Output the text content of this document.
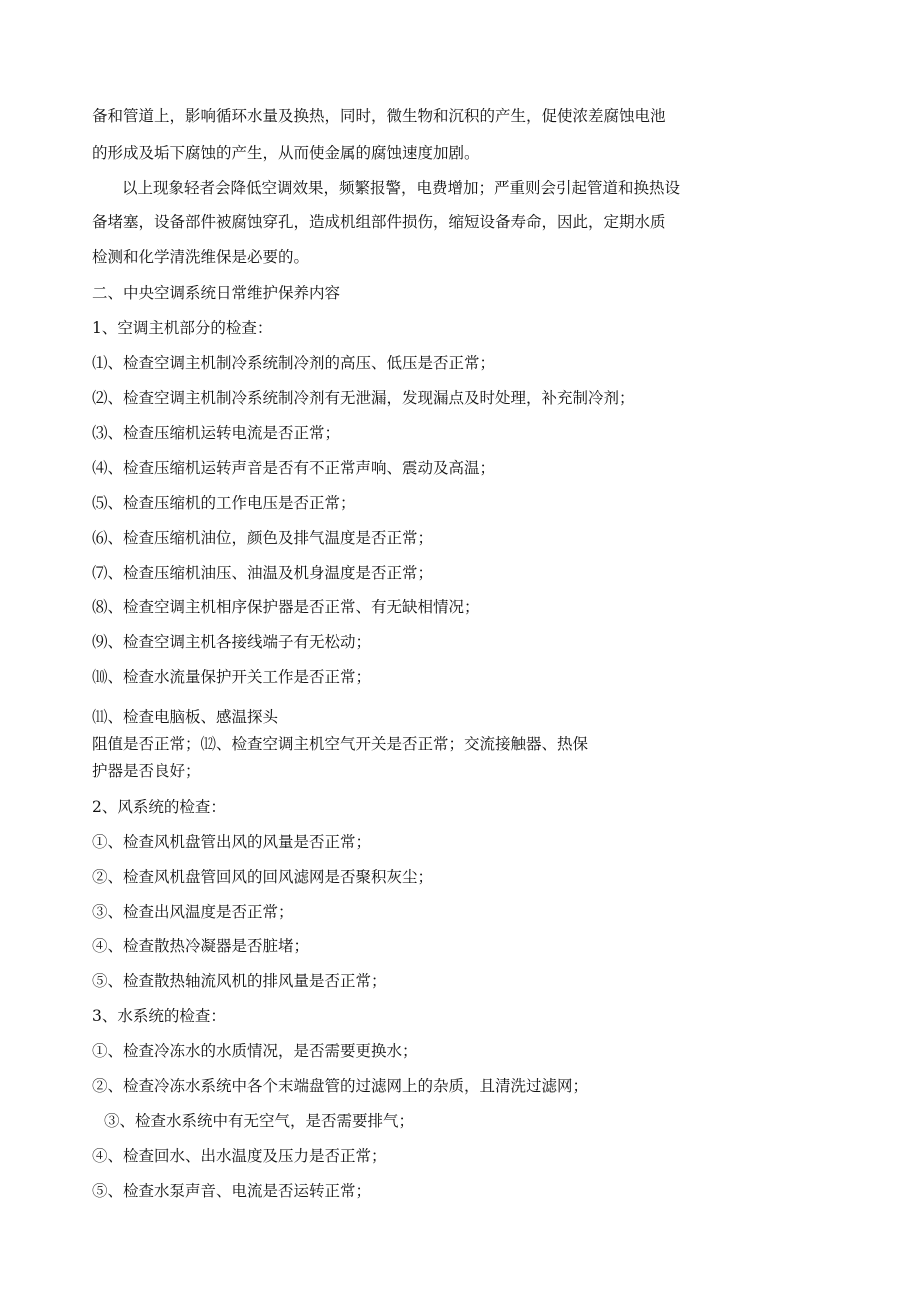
备和管道上，影响循环水量及换热，同时，微生物和沉积的产生，促使浓差腐蚀电池
的形成及垢下腐蚀的产生，从而使金属的腐蚀速度加剧。
以上现象轻者会降低空调效果，频繁报警，电费增加；严重则会引起管道和换热设
备堵塞，设备部件被腐蚀穿孔，造成机组部件损伤，缩短设备寿命，因此，定期水质
检测和化学清洗维保是必要的。
二、中央空调系统日常维护保养内容
1、空调主机部分的检查：
⑴、检查空调主机制冷系统制冷剂的高压、低压是否正常；
⑵、检查空调主机制冷系统制冷剂有无泄漏，发现漏点及时处理，补充制冷剂；
⑶、检查压缩机运转电流是否正常；
⑷、检查压缩机运转声音是否有不正常声响、震动及高温；
⑸、检查压缩机的工作电压是否正常；
⑹、检查压缩机油位，颜色及排气温度是否正常；
⑺、检查压缩机油压、油温及机身温度是否正常；
⑻、检查空调主机相序保护器是否正常、有无缺相情况；
⑼、检查空调主机各接线端子有无松动；
⑽、检查水流量保护开关工作是否正常；
⑾、检查电脑板、感温探头
阻值是否正常；⑿、检查空调主机空气开关是否正常；交流接触器、热保
护器是否良好；
2、风系统的检查：
①、检查风机盘管出风的风量是否正常；
②、检查风机盘管回风的回风滤网是否聚积灰尘；
③、检查出风温度是否正常；
④、检查散热冷凝器是否脏堵；
⑤、检查散热轴流风机的排风量是否正常；
3、水系统的检查：
①、检查冷冻水的水质情况，是否需要更换水；
②、检查冷冻水系统中各个末端盘管的过滤网上的杂质，且清洗过滤网；
③、检查水系统中有无空气，是否需要排气；
④、检查回水、出水温度及压力是否正常；
⑤、检查水泵声音、电流是否运转正常；
